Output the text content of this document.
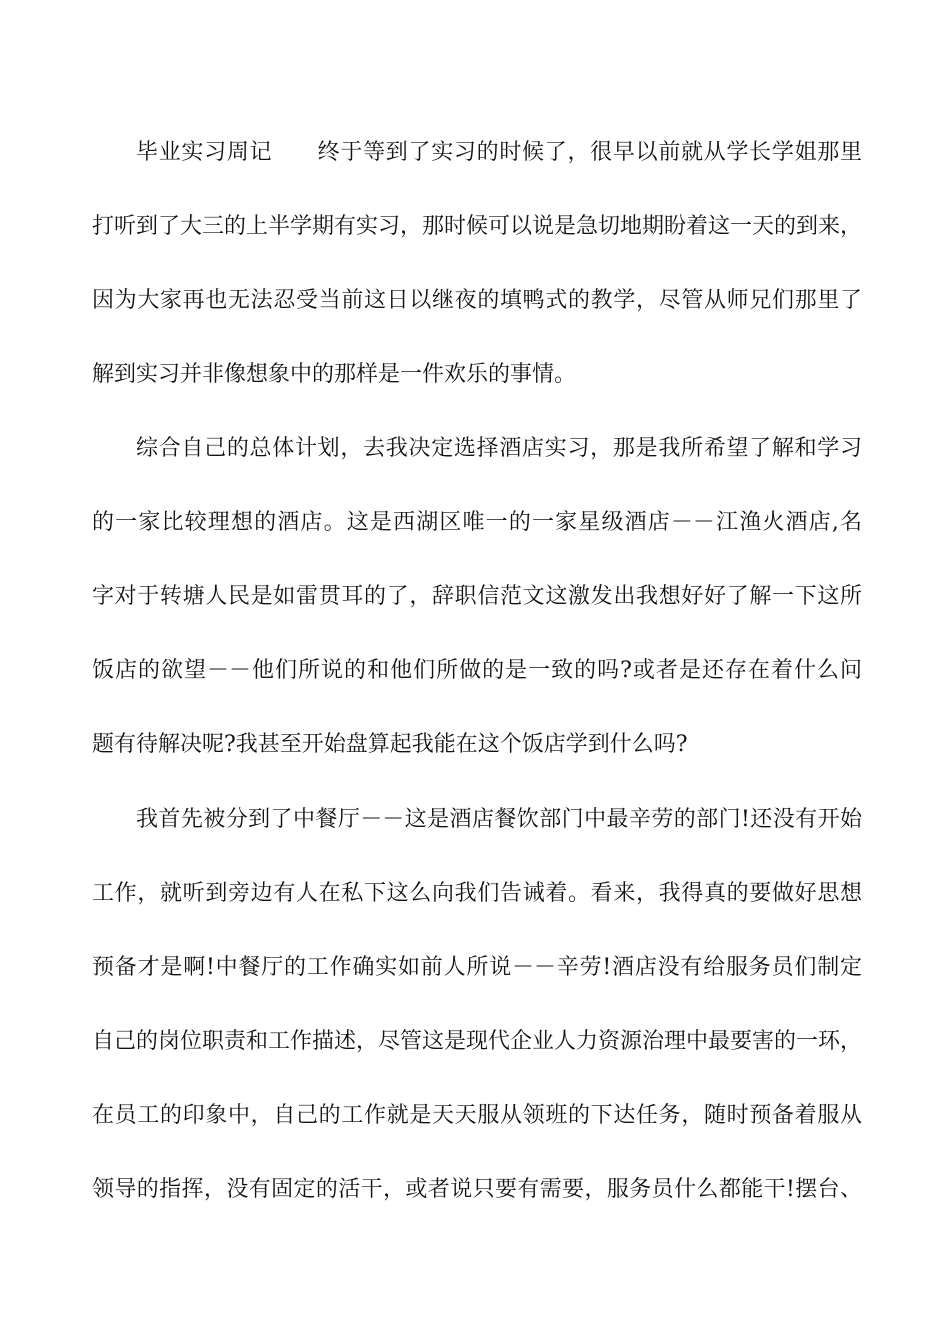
毕业实习周记　　终于等到了实习的时候了，很早以前就从学长学姐那里
打听到了大三的上半学期有实习，那时候可以说是急切地期盼着这一天的到来，
因为大家再也无法忍受当前这日以继夜的填鸭式的教学，尽管从师兄们那里了
解到实习并非像想象中的那样是一件欢乐的事情。
综合自己的总体计划，去我决定选择酒店实习，那是我所希望了解和学习
的一家比较理想的酒店。这是西湖区唯一的一家星级酒店－－江渔火酒店,名
字对于转塘人民是如雷贯耳的了，辞职信范文这激发出我想好好了解一下这所
饭店的欲望－－他们所说的和他们所做的是一致的吗?或者是还存在着什么问
题有待解决呢?我甚至开始盘算起我能在这个饭店学到什么吗?
我首先被分到了中餐厅－－这是酒店餐饮部门中最辛劳的部门!还没有开始
工作，就听到旁边有人在私下这么向我们告诫着。看来，我得真的要做好思想
预备才是啊!中餐厅的工作确实如前人所说－－辛劳!酒店没有给服务员们制定
自己的岗位职责和工作描述，尽管这是现代企业人力资源治理中最要害的一环，
在员工的印象中，自己的工作就是天天服从领班的下达任务，随时预备着服从
领导的指挥，没有固定的活干，或者说只要有需要，服务员什么都能干!摆台、
